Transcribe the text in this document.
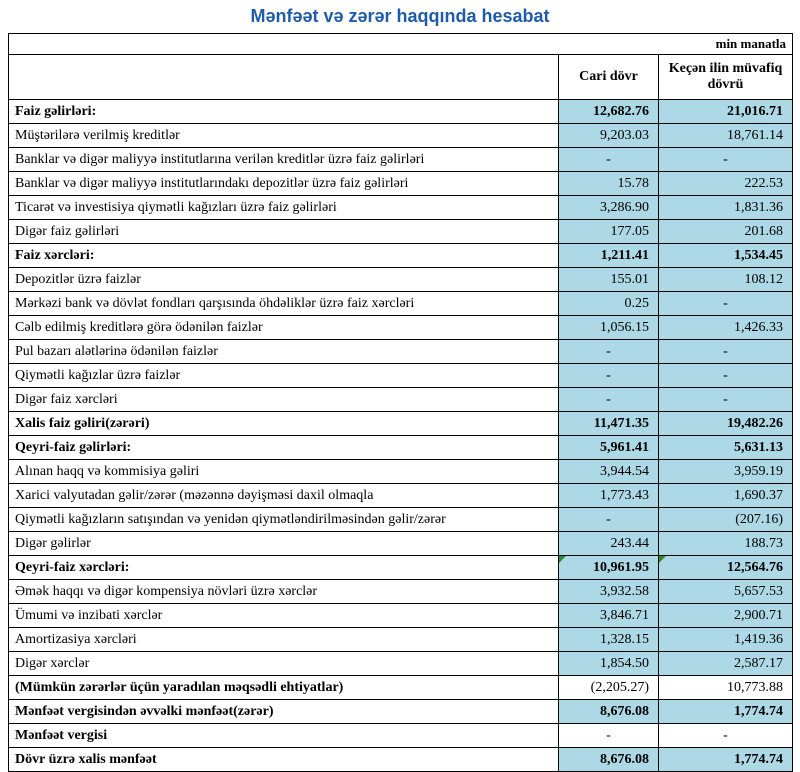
Mənfəət və zərər haqqında hesabat
min manatla		
	Cari dövr	Keçən ilin müvafiq dövrü
Faiz gəlirləri:	12,682.76	21,016.71
Müştərilərə verilmiş kreditlər	9,203.03	18,761.14
Banklar və digər maliyyə institutlarına verilən kreditlər üzrə faiz gəlirləri	-	-
Banklar və digər maliyyə institutlarındakı depozitlər üzrə faiz gəlirləri	15.78	222.53
Ticarət və investisiya qiymətli kağızları üzrə faiz gəlirləri	3,286.90	1,831.36
Digər faiz gəlirləri	177.05	201.68
Faiz xərcləri:	1,211.41	1,534.45
Depozitlər üzrə faizlər	155.01	108.12
Mərkəzi bank və dövlət fondları qarşısında öhdəliklər üzrə faiz xərcləri	0.25	-
Cəlb edilmiş kreditlərə görə ödənilən faizlər	1,056.15	1,426.33
Pul bazarı alətlərinə ödənilən faizlər	-	-
Qiymətli kağızlar üzrə faizlər	-	-
Digər faiz xərcləri	-	-
Xalis faiz gəliri(zərəri)	11,471.35	19,482.26
Qeyri-faiz gəlirləri:	5,961.41	5,631.13
Alınan haqq və kommisiya gəliri	3,944.54	3,959.19
Xarici valyutadan gəlir/zərər (məzənnə dəyişməsi daxil olmaqla	1,773.43	1,690.37
Qiymətli kağızların satışından və yenidən qiymətləndirilməsindən gəlir/zərər	-	(207.16)
Digər gəlirlər	243.44	188.73
Qeyri-faiz xərcləri:	10,961.95	12,564.76
Əmək haqqı və digər kompensiya növləri üzrə xərclər	3,932.58	5,657.53
Ümumi və inzibati xərclər	3,846.71	2,900.71
Amortizasiya xərcləri	1,328.15	1,419.36
Digər xərclər	1,854.50	2,587.17
(Mümkün zərərlər üçün yaradılan məqsədli ehtiyatlar)	(2,205.27)	10,773.88
Mənfəət vergisindən əvvəlki mənfəət(zərər)	8,676.08	1,774.74
Mənfəət vergisi	-	-
Dövr üzrə xalis mənfəət	8,676.08	1,774.74
